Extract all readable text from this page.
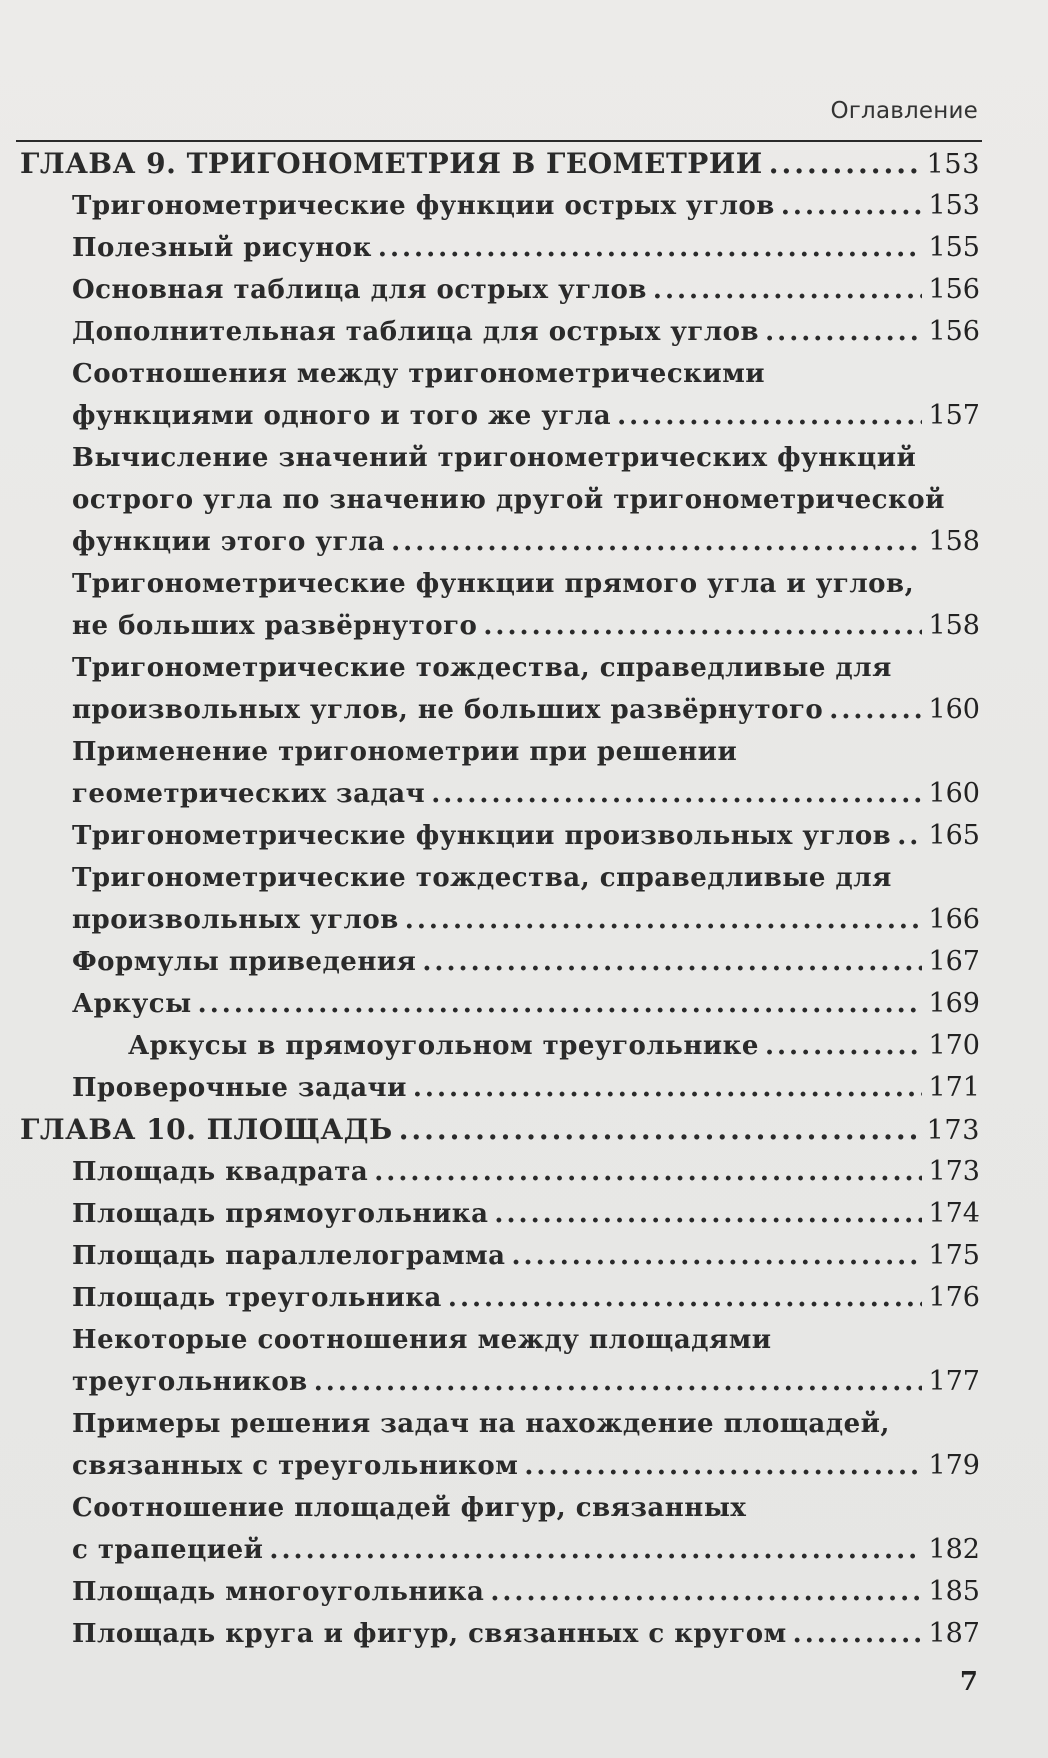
Оглавление
ГЛАВА 9. ТРИГОНОМЕТРИЯ В ГЕОМЕТРИИ .....	153
Тригонометрические функции острых углов .....	153
Полезный рисунок .....	155
Основная таблица для острых углов .....	156
Дополнительная таблица для острых углов .....	156
Соотношения между тригонометрическими
функциями одного и того же угла .....	157
Вычисление значений тригонометрических функций
острого угла по значению другой тригонометрической
функции этого угла .....	158
Тригонометрические функции прямого угла и углов,
не больших развёрнутого .....	158
Тригонометрические тождества, справедливые для
произвольных углов, не больших развёрнутого .....	160
Применение тригонометрии при решении
геометрических задач .....	160
Тригонометрические функции произвольных углов ..... 165
Тригонометрические тождества, справедливые для
произвольных углов .....	166
Формулы приведения .....	167
Аркусы .....	169
Аркусы в прямоугольном треугольнике .....	170
Проверочные задачи .....	171
ГЛАВА 10. ПЛОЩАДЬ .....	173
Площадь квадрата .....	173
Площадь прямоугольника .....	174
Площадь параллелограмма .....	175
Площадь треугольника .....	176
Некоторые соотношения между площадями
треугольников .....	177
Примеры решения задач на нахождение площадей,
связанных с треугольником .....	179
Соотношение площадей фигур, связанных
с трапецией .....	182
Площадь многоугольника .....	185
Площадь круга и фигур, связанных с кругом .....	187
7
